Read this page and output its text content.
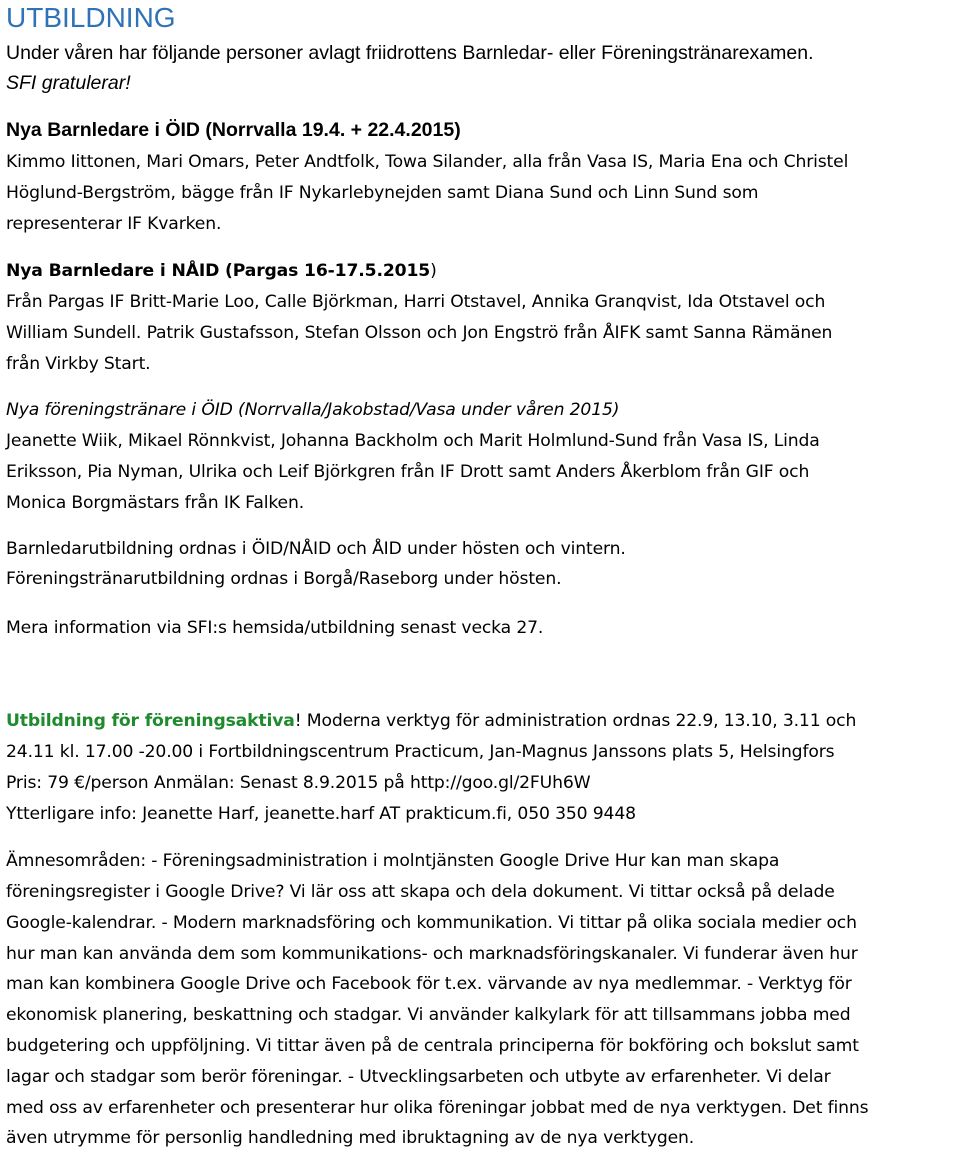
UTBILDNING
Under våren har följande personer avlagt friidrottens Barnledar- eller Föreningstränarexamen.
SFI gratulerar!
Nya Barnledare i ÖID (Norrvalla 19.4. + 22.4.2015)
Kimmo Iittonen, Mari Omars, Peter Andtfolk, Towa Silander, alla från Vasa IS, Maria Ena och Christel
Höglund-Bergström, bägge från IF Nykarlebynejden samt Diana Sund och Linn Sund som
representerar IF Kvarken.
Nya Barnledare i NÅID (Pargas 16-17.5.2015)
Från Pargas IF Britt-Marie Loo, Calle Björkman, Harri Otstavel, Annika Granqvist, Ida Otstavel och
William Sundell. Patrik Gustafsson, Stefan Olsson och Jon Engströ från ÅIFK samt Sanna Rämänen
från Virkby Start.
Nya föreningstränare i ÖID (Norrvalla/Jakobstad/Vasa under våren 2015)
Jeanette Wiik, Mikael Rönnkvist, Johanna Backholm och Marit Holmlund-Sund från Vasa IS, Linda
Eriksson, Pia Nyman, Ulrika och Leif Björkgren från IF Drott samt Anders Åkerblom från GIF och
Monica Borgmästars från IK Falken.
Barnledarutbildning ordnas i ÖID/NÅID och ÅID under hösten och vintern.
Föreningstränarutbildning ordnas i Borgå/Raseborg under hösten.
Mera information via SFI:s hemsida/utbildning senast vecka 27.
Utbildning för föreningsaktiva! Moderna verktyg för administration ordnas 22.9, 13.10, 3.11 och
24.11 kl. 17.00 -20.00 i Fortbildningscentrum Practicum, Jan-Magnus Janssons plats 5, Helsingfors
Pris: 79 €/person Anmälan: Senast 8.9.2015 på http://goo.gl/2FUh6W
Ytterligare info: Jeanette Harf, jeanette.harf AT prakticum.fi, 050 350 9448
Ämnesområden: - Föreningsadministration i molntjänsten Google Drive Hur kan man skapa
föreningsregister i Google Drive? Vi lär oss att skapa och dela dokument. Vi tittar också på delade
Google-kalendrar. - Modern marknadsföring och kommunikation. Vi tittar på olika sociala medier och
hur man kan använda dem som kommunikations- och marknadsföringskanaler. Vi funderar även hur
man kan kombinera Google Drive och Facebook för t.ex. värvande av nya medlemmar. - Verktyg för
ekonomisk planering, beskattning och stadgar. Vi använder kalkylark för att tillsammans jobba med
budgetering och uppföljning. Vi tittar även på de centrala principerna för bokföring och bokslut samt
lagar och stadgar som berör föreningar. - Utvecklingsarbeten och utbyte av erfarenheter. Vi delar
med oss av erfarenheter och presenterar hur olika föreningar jobbat med de nya verktygen. Det finns
även utrymme för personlig handledning med ibruktagning av de nya verktygen.
